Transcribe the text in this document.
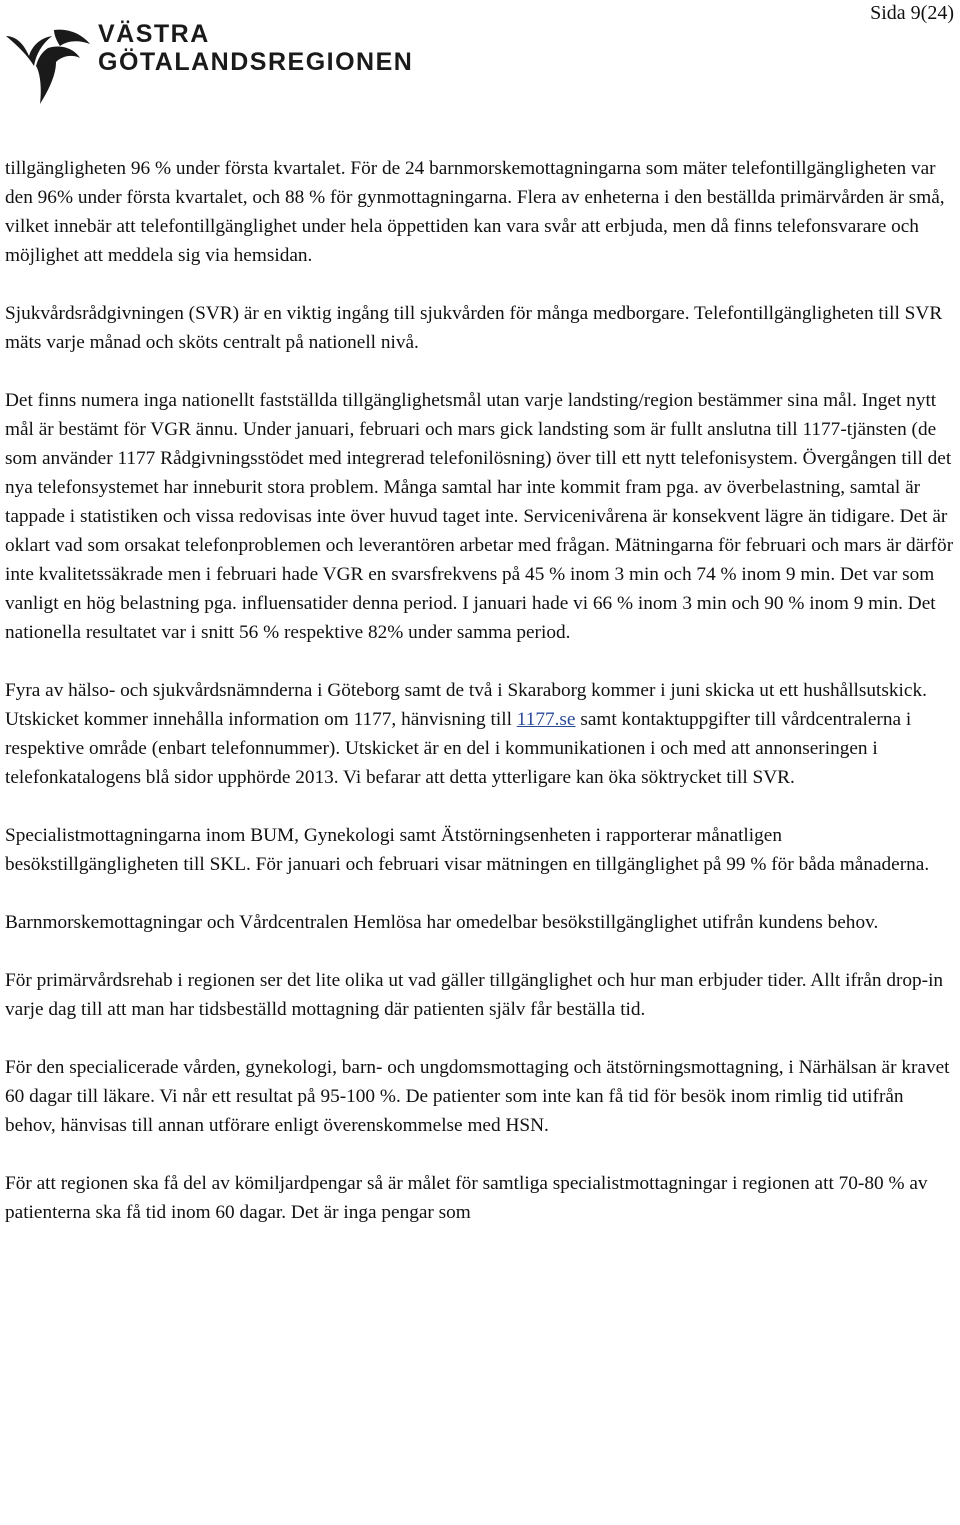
Sida 9(24)
VÄSTRA
GÖTALANDSREGIONEN

tillgängligheten 96 % under första kvartalet. För de 24 barnmorskemottagningarna som mäter telefontillgängligheten var den 96% under första kvartalet, och 88 % för gynmottagningarna. Flera av enheterna i den beställda primärvården är små, vilket innebär att telefontillgänglighet under hela öppettiden kan vara svår att erbjuda, men då finns telefonsvarare och möjlighet att meddela sig via hemsidan.

Sjukvårdsrådgivningen (SVR) är en viktig ingång till sjukvården för många medborgare. Telefontillgängligheten till SVR mäts varje månad och sköts centralt på nationell nivå.

Det finns numera inga nationellt fastställda tillgänglighetsmål utan varje landsting/region bestämmer sina mål. Inget nytt mål är bestämt för VGR ännu. Under januari, februari och mars gick landsting som är fullt anslutna till 1177-tjänsten (de som använder 1177 Rådgivningsstödet med integrerad telefonilösning) över till ett nytt telefonisystem. Övergången till det nya telefonsystemet har inneburit stora problem. Många samtal har inte kommit fram pga. av överbelastning, samtal är tappade i statistiken och vissa redovisas inte över huvud taget inte. Servicenivårena är konsekvent lägre än tidigare. Det är oklart vad som orsakat telefonproblemen och leverantören arbetar med frågan. Mätningarna för februari och mars är därför inte kvalitetssäkrade men i februari hade VGR en svarsfrekvens på 45 % inom 3 min och 74 % inom 9 min. Det var som vanligt en hög belastning pga. influensatider denna period. I januari hade vi 66 % inom 3 min och 90 % inom 9 min. Det nationella resultatet var i snitt 56 % respektive 82% under samma period.

Fyra av hälso- och sjukvårdsnämnderna i Göteborg samt de två i Skaraborg kommer i juni skicka ut ett hushållsutskick. Utskicket kommer innehålla information om 1177, hänvisning till 1177.se samt kontaktuppgifter till vårdcentralerna i respektive område (enbart telefonnummer). Utskicket är en del i kommunikationen i och med att annonseringen i telefonkatalogens blå sidor upphörde 2013. Vi befarar att detta ytterligare kan öka söktrycket till SVR.

Specialistmottagningarna inom BUM, Gynekologi samt Ätstörningsenheten i rapporterar månatligen besökstillgängligheten till SKL. För januari och februari visar mätningen en tillgänglighet på 99 % för båda månaderna.

Barnmorskemottagningar och Vårdcentralen Hemlösa har omedelbar besökstillgänglighet utifrån kundens behov.

För primärvårdsrehab i regionen ser det lite olika ut vad gäller tillgänglighet och hur man erbjuder tider. Allt ifrån drop-in varje dag till att man har tidsbeställd mottagning där patienten själv får beställa tid.

För den specialicerade vården, gynekologi, barn- och ungdomsmottaging och ätstörningsmottagning, i Närhälsan är kravet 60 dagar till läkare. Vi når ett resultat på 95-100 %. De patienter som inte kan få tid för besök inom rimlig tid utifrån behov, hänvisas till annan utförare enligt överenskommelse med HSN.

För att regionen ska få del av kömiljardpengar så är målet för samtliga specialistmottagningar i regionen att 70-80 % av patienterna ska få tid inom 60 dagar. Det är inga pengar som
